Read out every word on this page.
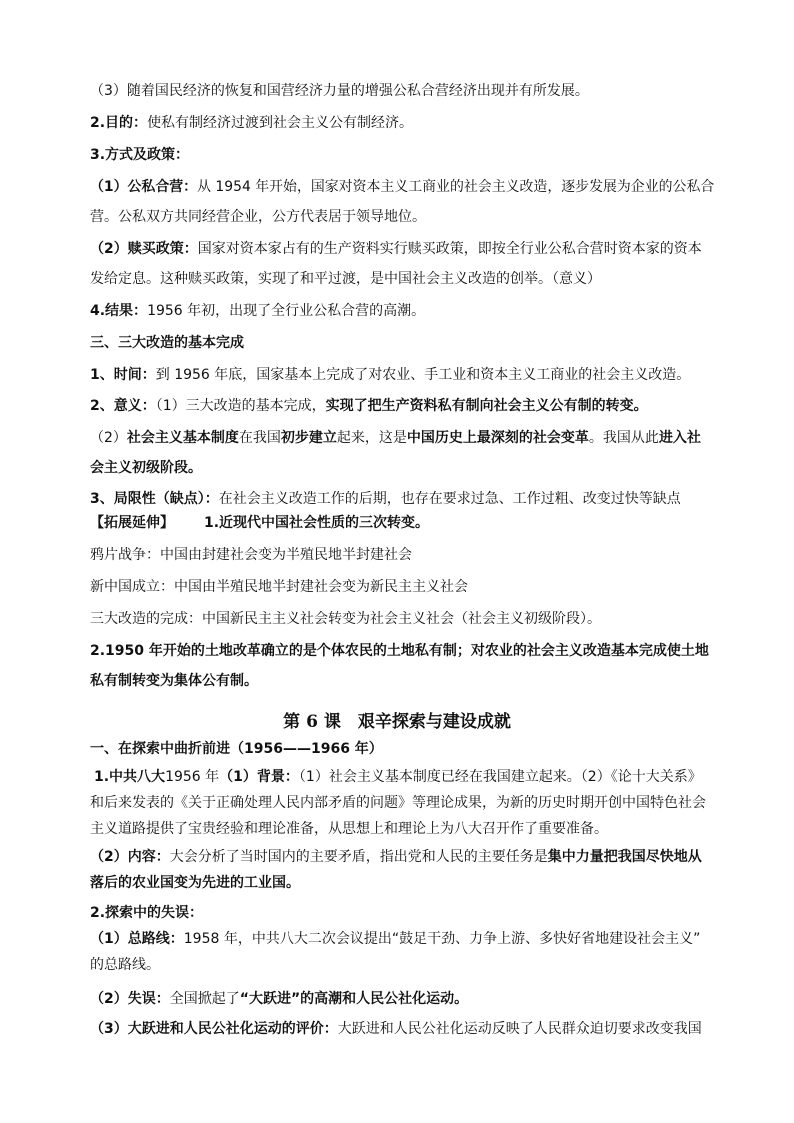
（3）随着国民经济的恢复和国营经济力量的增强公私合营经济出现并有所发展。
2.目的：使私有制经济过渡到社会主义公有制经济。
3.方式及政策：
（1）公私合营：从 1954 年开始，国家对资本主义工商业的社会主义改造，逐步发展为企业的公私合
营。公私双方共同经营企业，公方代表居于领导地位。
（2）赎买政策：国家对资本家占有的生产资料实行赎买政策，即按全行业公私合营时资本家的资本
发给定息。这种赎买政策，实现了和平过渡，是中国社会主义改造的创举。（意义）
4.结果：1956 年初，出现了全行业公私合营的高潮。
三、三大改造的基本完成
1、时间：到 1956 年底，国家基本上完成了对农业、手工业和资本主义工商业的社会主义改造。
2、意义：（1）三大改造的基本完成，实现了把生产资料私有制向社会主义公有制的转变。
（2）社会主义基本制度在我国初步建立起来，这是中国历史上最深刻的社会变革。我国从此进入社
会主义初级阶段。
3、局限性（缺点）：在社会主义改造工作的后期，也存在要求过急、工作过粗、改变过快等缺点
【拓展延伸】 1.近现代中国社会性质的三次转变。
鸦片战争：中国由封建社会变为半殖民地半封建社会
新中国成立：中国由半殖民地半封建社会变为新民主主义社会
三大改造的完成：中国新民主主义社会转变为社会主义社会（社会主义初级阶段）。
2.1950 年开始的土地改革确立的是个体农民的土地私有制；对农业的社会主义改造基本完成使土地
私有制转变为集体公有制。
第 6 课　艰辛探索与建设成就
一、在探索中曲折前进（1956——1966 年）
1.中共八大1956 年（1）背景：（1）社会主义基本制度已经在我国建立起来。（2）《论十大关系》
和后来发表的《关于正确处理人民内部矛盾的问题》等理论成果，为新的历史时期开创中国特色社会
主义道路提供了宝贵经验和理论准备，从思想上和理论上为八大召开作了重要准备。
（2）内容：大会分析了当时国内的主要矛盾，指出党和人民的主要任务是集中力量把我国尽快地从
落后的农业国变为先进的工业国。
2.探索中的失误：
（1）总路线：1958 年，中共八大二次会议提出“鼓足干劲、力争上游、多快好省地建设社会主义”
的总路线。
（2）失误：全国掀起了“大跃进”的高潮和人民公社化运动。
（3）大跃进和人民公社化运动的评价：大跃进和人民公社化运动反映了人民群众迫切要求改变我国
